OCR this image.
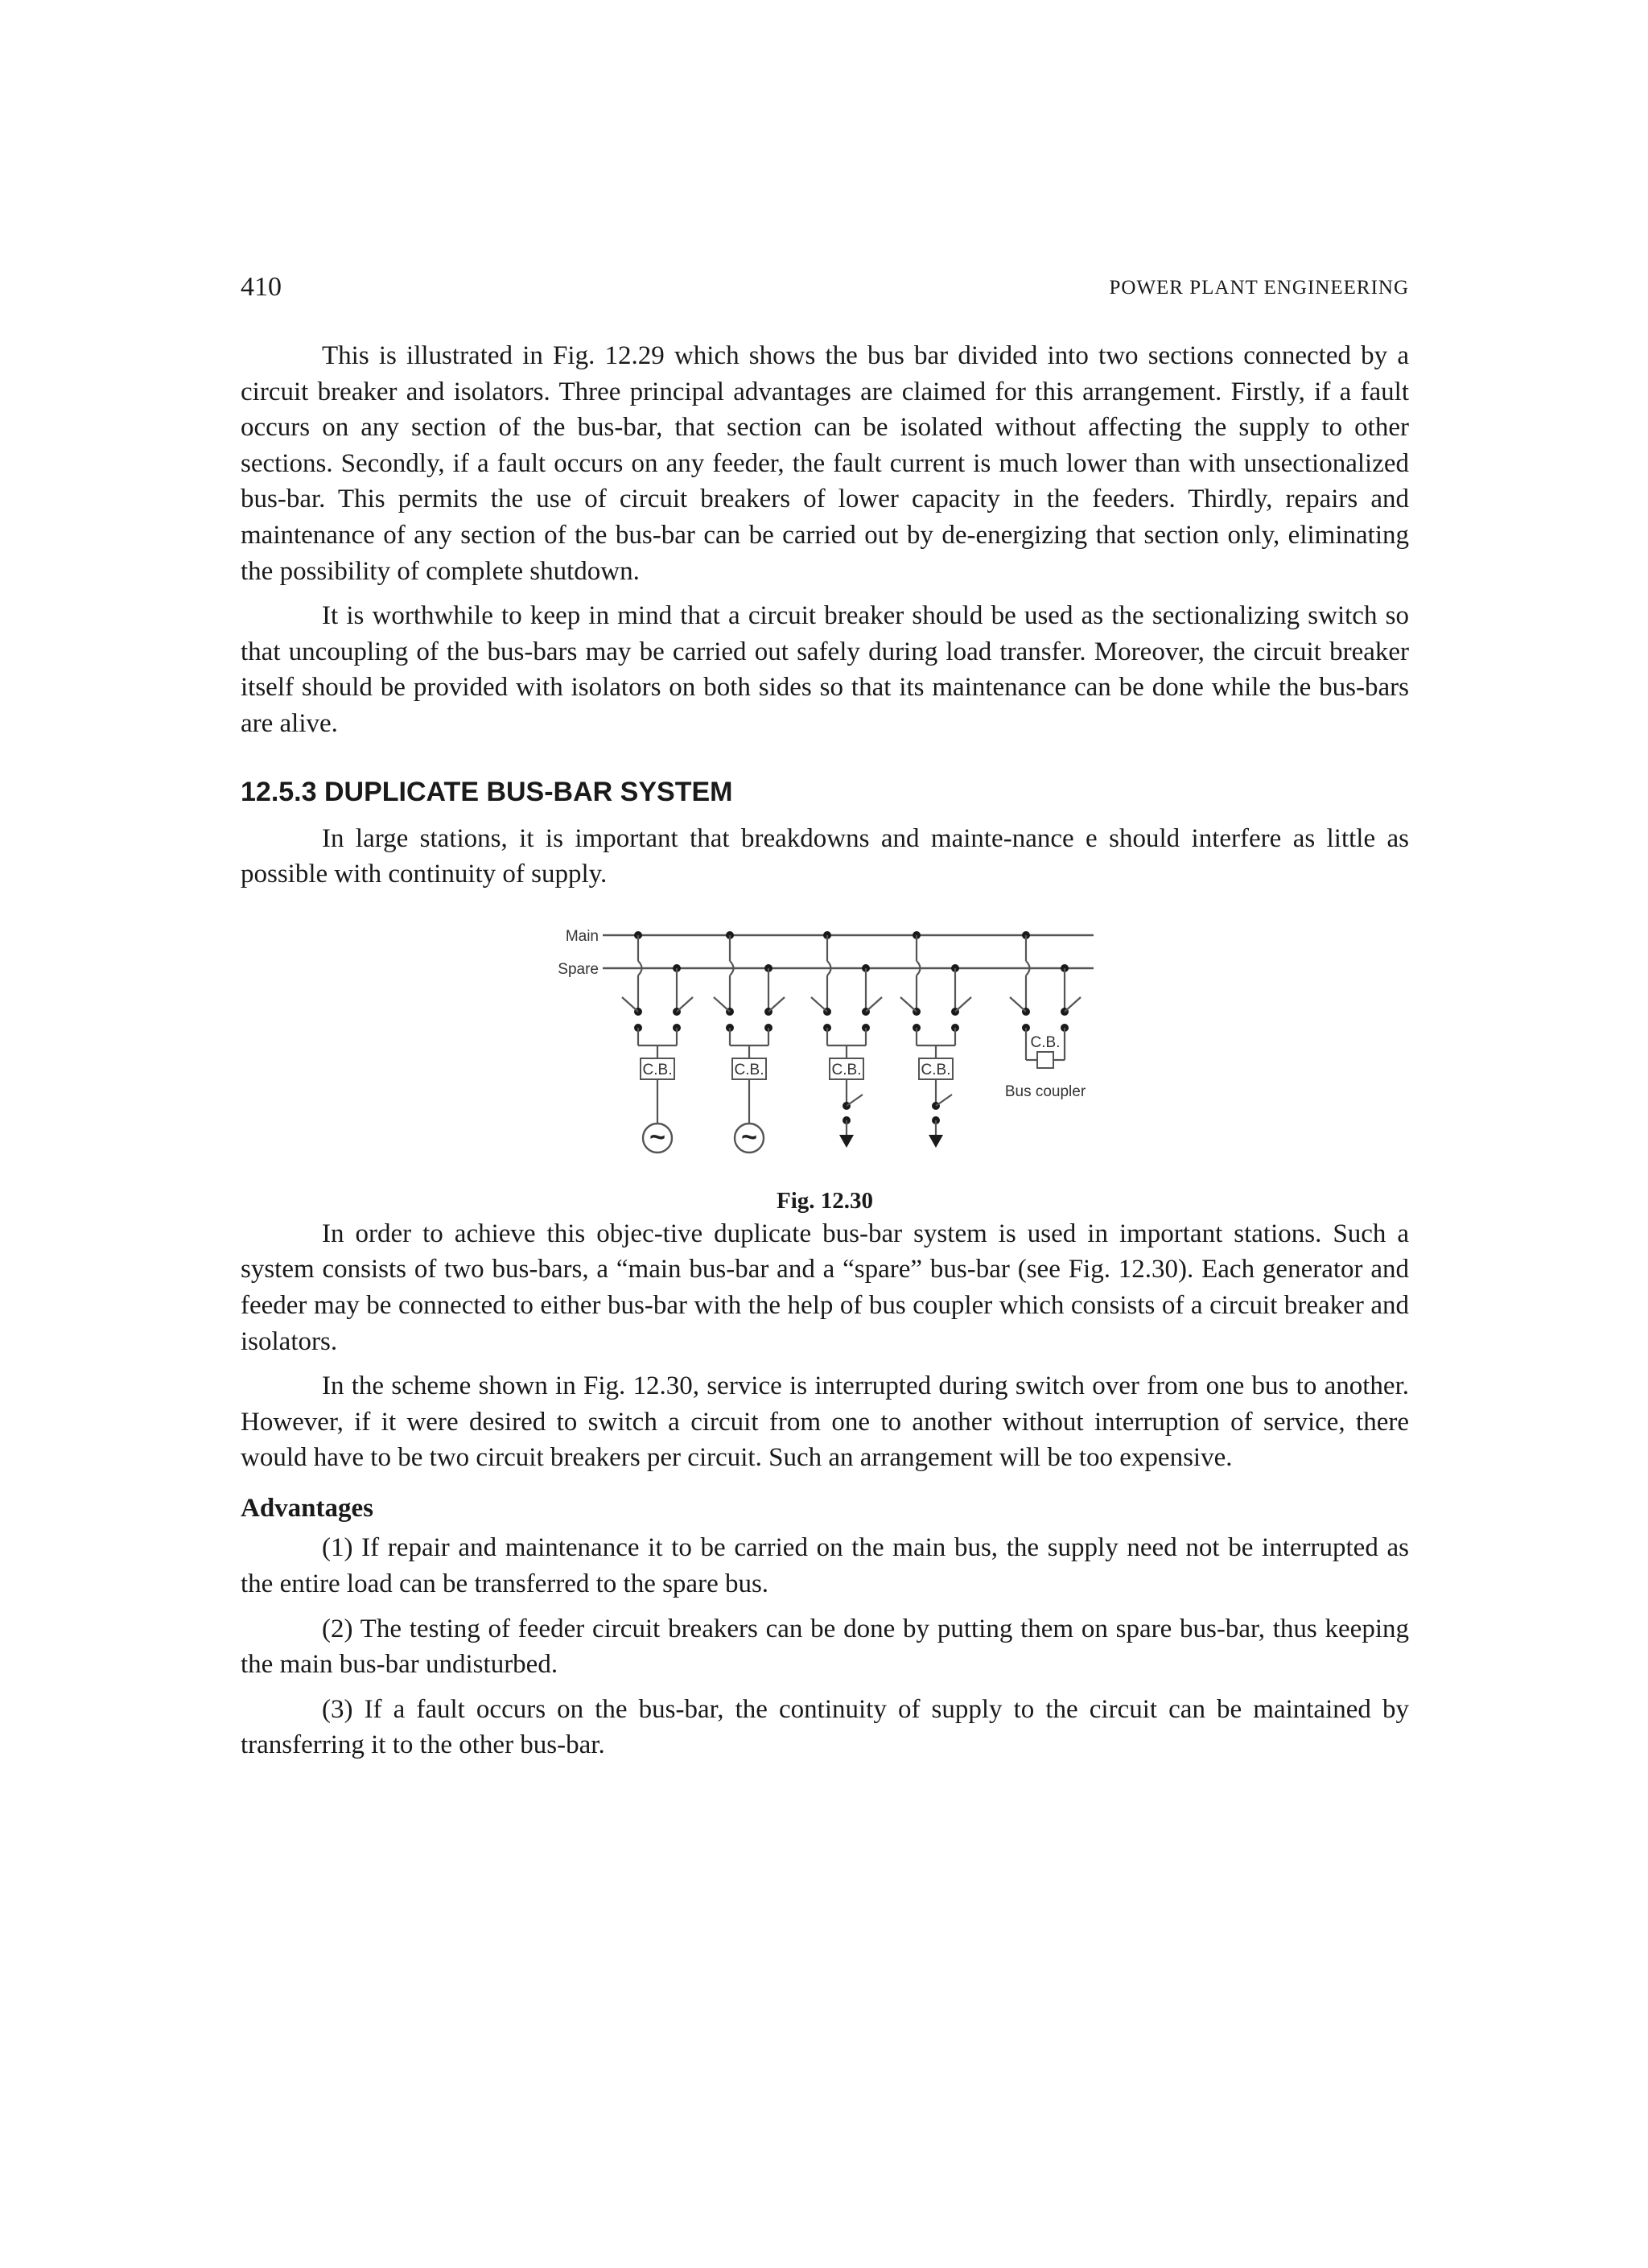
410	POWER PLANT ENGINEERING

This is illustrated in Fig. 12.29 which shows the bus bar divided into two sections connected by a circuit breaker and isolators. Three principal advantages are claimed for this arrangement. Firstly, if a fault occurs on any section of the bus-bar, that section can be isolated without affecting the supply to other sections. Secondly, if a fault occurs on any feeder, the fault current is much lower than with unsectionalized bus-bar. This permits the use of circuit breakers of lower capacity in the feeders. Thirdly, repairs and maintenance of any section of the bus-bar can be carried out by de-energizing that section only, eliminating the possibility of complete shutdown.

It is worthwhile to keep in mind that a circuit breaker should be used as the sectionalizing switch so that uncoupling of the bus-bars may be carried out safely during load transfer. Moreover, the circuit breaker itself should be provided with isolators on both sides so that its maintenance can be done while the bus-bars are alive.

12.5.3 DUPLICATE BUS-BAR SYSTEM

In large stations, it is important that breakdowns and mainte-nance e should interfere as little as possible with continuity of supply.

Main
Spare
C.B.
~
C.B.
~
C.B.	C.B.
C.B.
Bus coupler
Fig. 12.30

In order to achieve this objec-tive duplicate bus-bar system is used in important stations. Such a system consists of two bus-bars, a “main bus-bar and a “spare” bus-bar (see Fig. 12.30). Each generator and feeder may be connected to either bus-bar with the help of bus coupler which consists of a circuit breaker and isolators.

In the scheme shown in Fig. 12.30, service is interrupted during switch over from one bus to another. However, if it were desired to switch a circuit from one to another without interruption of service, there would have to be two circuit breakers per circuit. Such an arrangement will be too expensive.

Advantages

(1) If repair and maintenance it to be carried on the main bus, the supply need not be interrupted as the entire load can be transferred to the spare bus.

(2) The testing of feeder circuit breakers can be done by putting them on spare bus-bar, thus keeping the main bus-bar undisturbed.

(3) If a fault occurs on the bus-bar, the continuity of supply to the circuit can be maintained by transferring it to the other bus-bar.
